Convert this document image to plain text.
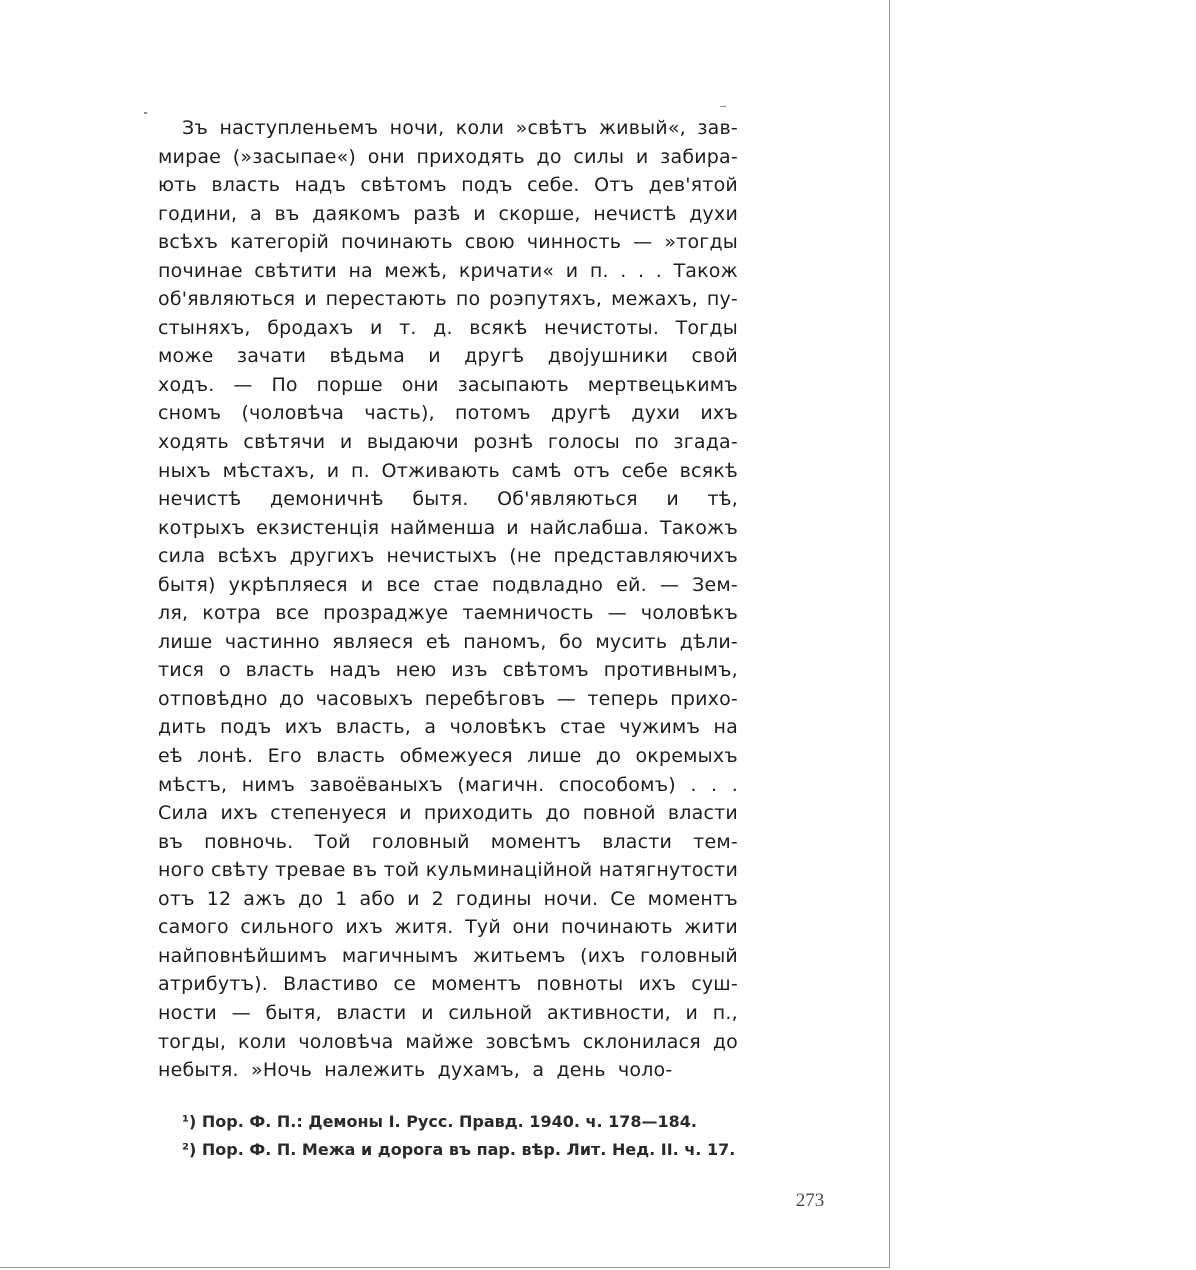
Зъ наступленьемъ ночи, коли »свѣтъ живый«, зав-
мирае (»засыпае«) они приходять до силы и забира-
ють власть надъ свѣтомъ подъ себе. Отъ дев'ятой
години, а въ даякомъ разѣ и скорше, нечистѣ духи
всѣхъ категорій починають свою чинность — »тогды
починае свѣтити на межѣ, кричати« и п. . . . Також
об'являються и перестають по роэпутяхъ, межахъ, пу-
стыняхъ, бродахъ и т. д. всякѣ нечистоты. Тогды
може зачати вѣдьма и другѣ двоjушники свой
ходъ. — По порше они засыпають мертвецькимъ
сномъ (чоловѣча часть), потомъ другѣ духи ихъ
ходять свѣтячи и выдаючи рознѣ голосы по згада-
ныхъ мѣстахъ, и п. Отживають самѣ отъ себе всякѣ
нечистѣ демоничнѣ бытя. Об'являються и тѣ,
котрыхъ екзистенція найменша и найслабша. Такожъ
сила всѣхъ другихъ нечистыхъ (не представляючихъ
бытя) укрѣпляеся и все стае подвладно ей. — Зем-
ля, котра все прозраджуе таемничость — чоловѣкъ
лише частинно являеся еѣ паномъ, бо мусить дѣли-
тися о власть надъ нею изъ свѣтомъ противнымъ,
отповѣдно до часовыхъ перебѣговъ — теперь прихо-
дить подъ ихъ власть, а чоловѣкъ стае чужимъ на
еѣ лонѣ. Его власть обмежуеся лише до окремыхъ
мѣстъ, нимъ завоёваныхъ (магичн. способомъ) . . .
Сила ихъ степенуеся и приходить до повной власти
въ повночь. Той головный моментъ власти тем-
ного свѣту треваe въ той кульминаційной натягнутости
отъ 12 ажъ до 1 або и 2 годины ночи. Се моментъ
самого сильного ихъ житя. Туй они починають жити
найповнѣйшимъ магичнымъ житьемъ (ихъ головный
атрибутъ). Властиво се моментъ повноты ихъ суш-
ности — бытя, власти и сильной активности, и п.,
тогды, коли чоловѣча майже зовсѣмъ склонилася до
небытя. »Ночь належить духамъ, а день чоло-
¹) Пор. Ф. П.: Демоны I. Русс. Правд. 1940. ч. 178—184.
²) Пор. Ф. П. Межа и дорога въ пар. вѣр. Лит. Нед. II. ч. 17.
273
